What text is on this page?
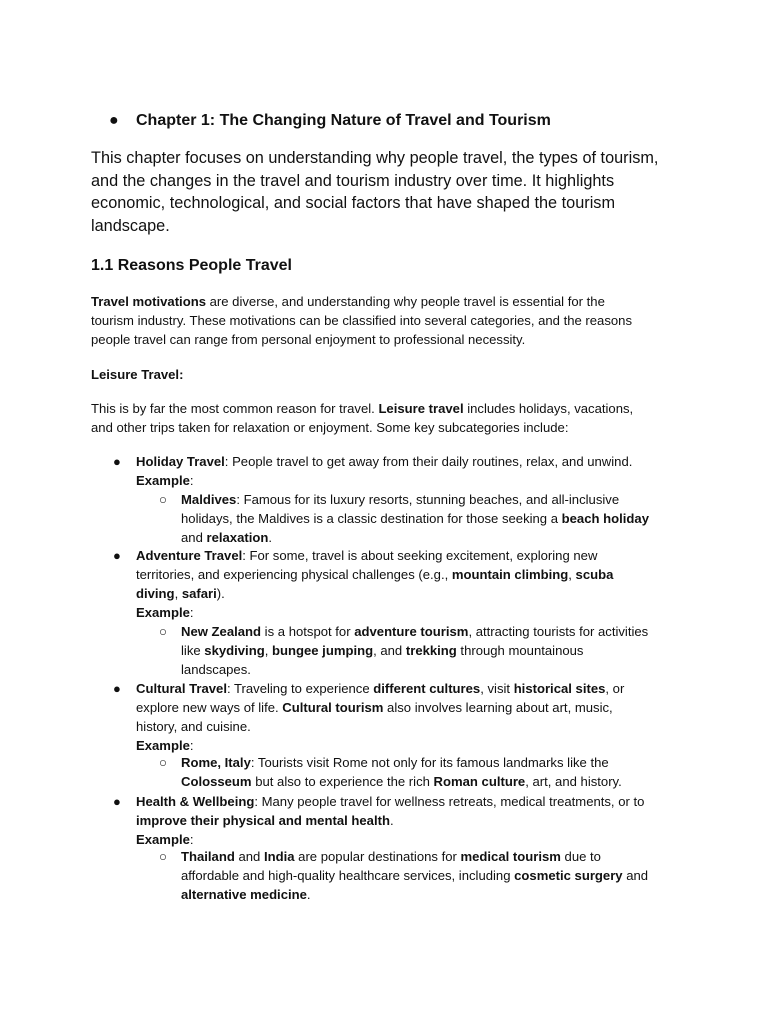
● Chapter 1: The Changing Nature of Travel and Tourism
This chapter focuses on understanding why people travel, the types of tourism,
and the changes in the travel and tourism industry over time. It highlights
economic, technological, and social factors that have shaped the tourism
landscape.
1.1 Reasons People Travel
Travel motivations are diverse, and understanding why people travel is essential for the
tourism industry. These motivations can be classified into several categories, and the reasons
people travel can range from personal enjoyment to professional necessity.
Leisure Travel:
This is by far the most common reason for travel. Leisure travel includes holidays, vacations,
and other trips taken for relaxation or enjoyment. Some key subcategories include:
● Holiday Travel: People travel to get away from their daily routines, relax, and unwind.
Example:
○ Maldives: Famous for its luxury resorts, stunning beaches, and all-inclusive
holidays, the Maldives is a classic destination for those seeking a beach holiday
and relaxation.
● Adventure Travel: For some, travel is about seeking excitement, exploring new
territories, and experiencing physical challenges (e.g., mountain climbing, scuba
diving, safari).
Example:
○ New Zealand is a hotspot for adventure tourism, attracting tourists for activities
like skydiving, bungee jumping, and trekking through mountainous
landscapes.
● Cultural Travel: Traveling to experience different cultures, visit historical sites, or
explore new ways of life. Cultural tourism also involves learning about art, music,
history, and cuisine.
Example:
○ Rome, Italy: Tourists visit Rome not only for its famous landmarks like the
Colosseum but also to experience the rich Roman culture, art, and history.
● Health & Wellbeing: Many people travel for wellness retreats, medical treatments, or to
improve their physical and mental health.
Example:
○ Thailand and India are popular destinations for medical tourism due to
affordable and high-quality healthcare services, including cosmetic surgery and
alternative medicine.
